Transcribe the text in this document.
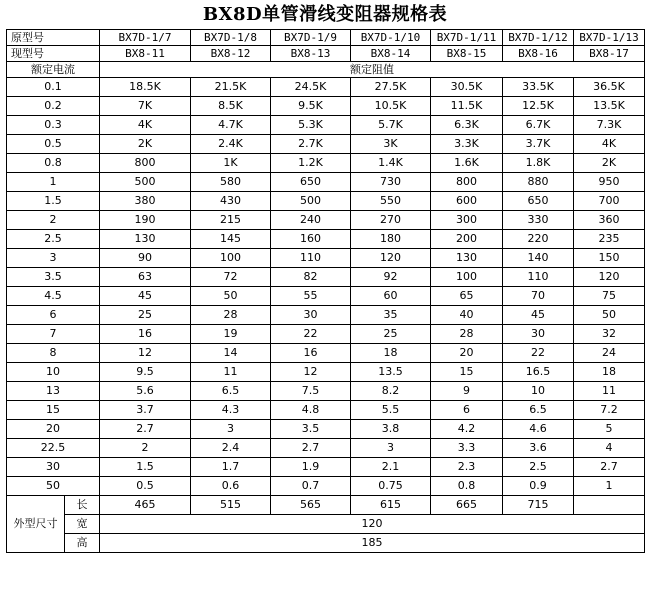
BX8D单管滑线变阻器规格表
原型号		BX7D-1/7	BX7D-1/8	BX7D-1/9	BX7D-1/10	BX7D-1/11	BX7D-1/12	BX7D-1/13
现型号		BX8-11	BX8-12	BX8-13	BX8-14	BX8-15	BX8-16	BX8-17
额定电流		额定阻值						
0.1		18.5K	21.5K	24.5K	27.5K	30.5K	33.5K	36.5K
0.2		7K	8.5K	9.5K	10.5K	11.5K	12.5K	13.5K
0.3		4K	4.7K	5.3K	5.7K	6.3K	6.7K	7.3K
0.5		2K	2.4K	2.7K	3K	3.3K	3.7K	4K
0.8		800	1K	1.2K	1.4K	1.6K	1.8K	2K
1		500	580	650	730	800	880	950
1.5		380	430	500	550	600	650	700
2		190	215	240	270	300	330	360
2.5		130	145	160	180	200	220	235
3		90	100	110	120	130	140	150
3.5		63	72	82	92	100	110	120
4.5		45	50	55	60	65	70	75
6		25	28	30	35	40	45	50
7		16	19	22	25	28	30	32
8		12	14	16	18	20	22	24
10		9.5	11	12	13.5	15	16.5	18
13		5.6	6.5	7.5	8.2	9	10	11
15		3.7	4.3	4.8	5.5	6	6.5	7.2
20		2.7	3	3.5	3.8	4.2	4.6	5
22.5		2	2.4	2.7	3	3.3	3.6	4
30		1.5	1.7	1.9	2.1	2.3	2.5	2.7
50		0.5	0.6	0.7	0.75	0.8	0.9	1
外型尺寸	长	465	515	565	615	665	715	
	宽	120						
	高	185						
